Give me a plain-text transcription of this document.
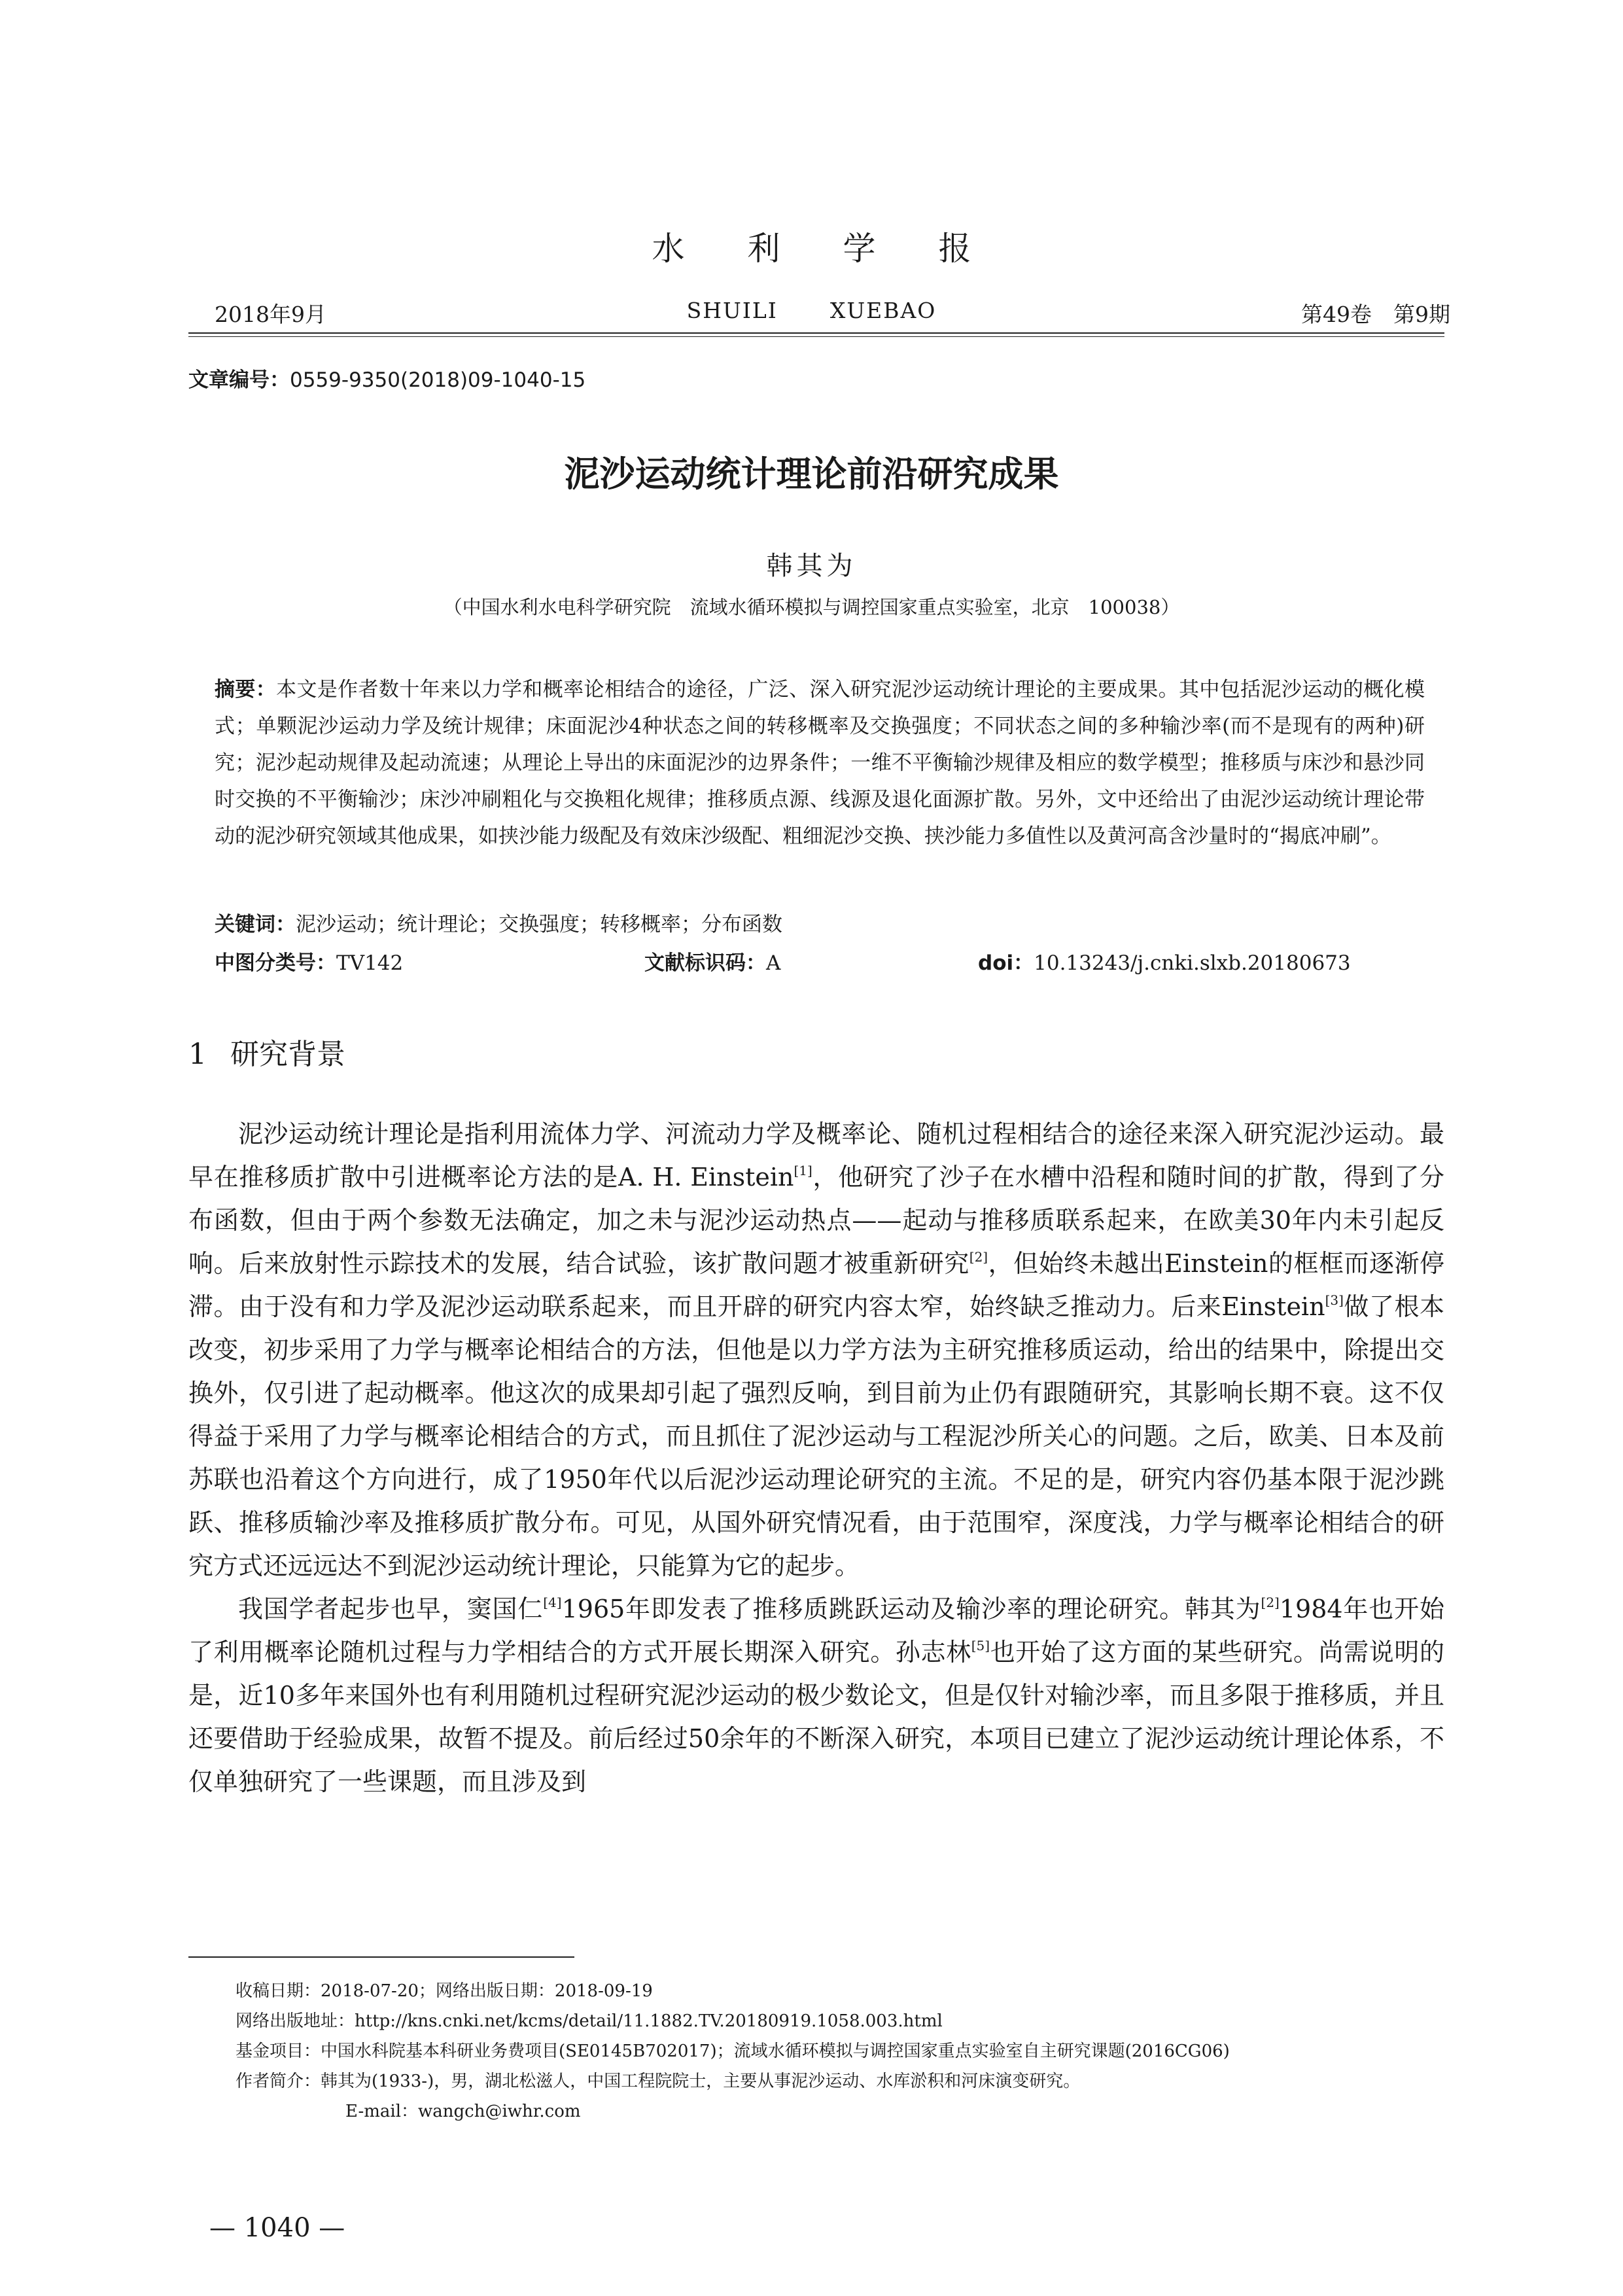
水利学报
2018年9月	SHUILI XUEBAO	第49卷　第9期
文章编号：0559-9350(2018)09-1040-15
泥沙运动统计理论前沿研究成果
韩其为
（中国水利水电科学研究院　流域水循环模拟与调控国家重点实验室，北京　100038）
摘要：本文是作者数十年来以力学和概率论相结合的途径，广泛、深入研究泥沙运动统计理论的主要成果。其中包括泥沙运动的概化模式；单颗泥沙运动力学及统计规律；床面泥沙4种状态之间的转移概率及交换强度；不同状态之间的多种输沙率(而不是现有的两种)研究；泥沙起动规律及起动流速；从理论上导出的床面泥沙的边界条件；一维不平衡输沙规律及相应的数学模型；推移质与床沙和悬沙同时交换的不平衡输沙；床沙冲刷粗化与交换粗化规律；推移质点源、线源及退化面源扩散。另外，文中还给出了由泥沙运动统计理论带动的泥沙研究领域其他成果，如挟沙能力级配及有效床沙级配、粗细泥沙交换、挟沙能力多值性以及黄河高含沙量时的“揭底冲刷”。
关键词：泥沙运动；统计理论；交换强度；转移概率；分布函数
中图分类号：TV142	文献标识码：A	doi：10.13243/j.cnki.slxb.20180673
1 研究背景

泥沙运动统计理论是指利用流体力学、河流动力学及概率论、随机过程相结合的途径来深入研究泥沙运动。最早在推移质扩散中引进概率论方法的是A. H. Einstein[1]，他研究了沙子在水槽中沿程和随时间的扩散，得到了分布函数，但由于两个参数无法确定，加之未与泥沙运动热点——起动与推移质联系起来，在欧美30年内未引起反响。后来放射性示踪技术的发展，结合试验，该扩散问题才被重新研究[2]，但始终未越出Einstein的框框而逐渐停滞。由于没有和力学及泥沙运动联系起来，而且开辟的研究内容太窄，始终缺乏推动力。后来Einstein[3]做了根本改变，初步采用了力学与概率论相结合的方法，但他是以力学方法为主研究推移质运动，给出的结果中，除提出交换外，仅引进了起动概率。他这次的成果却引起了强烈反响，到目前为止仍有跟随研究，其影响长期不衰。这不仅得益于采用了力学与概率论相结合的方式，而且抓住了泥沙运动与工程泥沙所关心的问题。之后，欧美、日本及前苏联也沿着这个方向进行，成了1950年代以后泥沙运动理论研究的主流。不足的是，研究内容仍基本限于泥沙跳跃、推移质输沙率及推移质扩散分布。可见，从国外研究情况看，由于范围窄，深度浅，力学与概率论相结合的研究方式还远远达不到泥沙运动统计理论，只能算为它的起步。

我国学者起步也早，窦国仁[4]1965年即发表了推移质跳跃运动及输沙率的理论研究。韩其为[2]1984年也开始了利用概率论随机过程与力学相结合的方式开展长期深入研究。孙志林[5]也开始了这方面的某些研究。尚需说明的是，近10多年来国外也有利用随机过程研究泥沙运动的极少数论文，但是仅针对输沙率，而且多限于推移质，并且还要借助于经验成果，故暂不提及。前后经过50余年的不断深入研究，本项目已建立了泥沙运动统计理论体系，不仅单独研究了一些课题，而且涉及到

收稿日期：2018-07-20；网络出版日期：2018-09-19
网络出版地址：http://kns.cnki.net/kcms/detail/11.1882.TV.20180919.1058.003.html
基金项目：中国水科院基本科研业务费项目(SE0145B702017)；流域水循环模拟与调控国家重点实验室自主研究课题(2016CG06)
作者简介：韩其为(1933-)，男，湖北松滋人，中国工程院院士，主要从事泥沙运动、水库淤积和河床演变研究。
E-mail：wangch@iwhr.com
— 1040 —
